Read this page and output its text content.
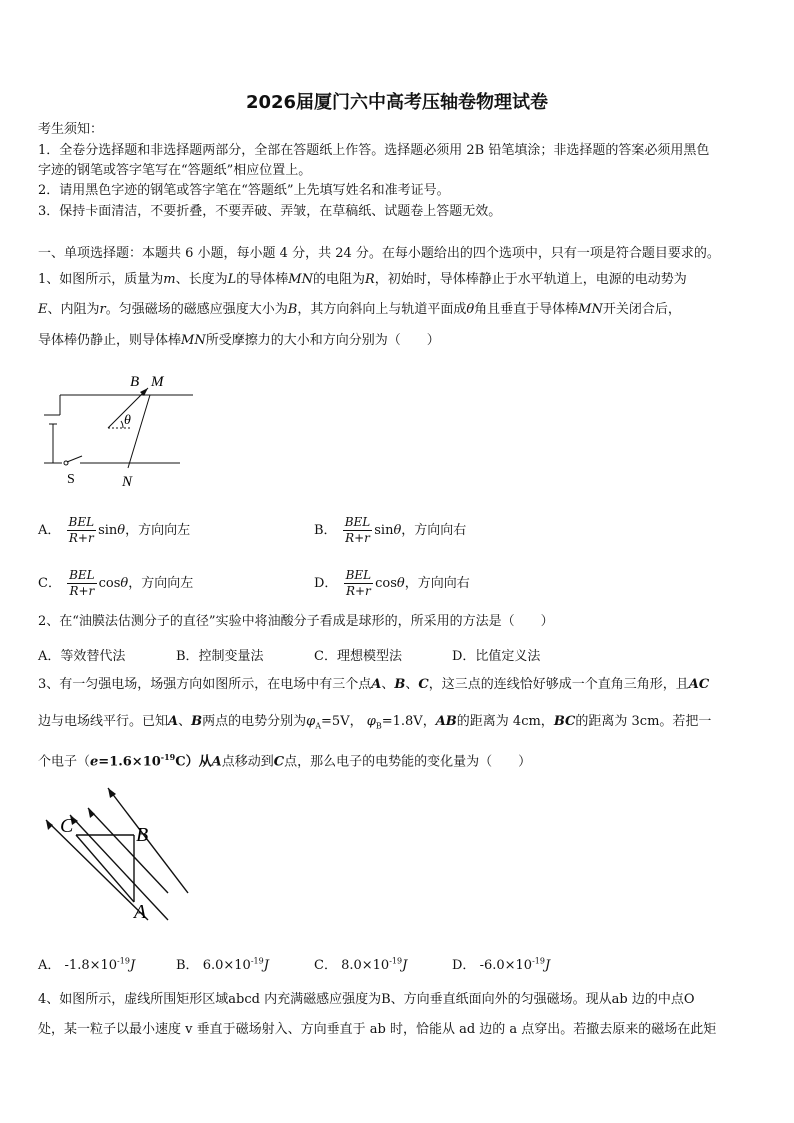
2026届厦门六中高考压轴卷物理试卷
考生须知：
1．全卷分选择题和非选择题两部分，全部在答题纸上作答。选择题必须用 2B 铅笔填涂；非选择题的答案必须用黑色
字迹的钢笔或答字笔写在“答题纸”相应位置上。
2．请用黑色字迹的钢笔或答字笔在“答题纸”上先填写姓名和准考证号。
3．保持卡面清洁，不要折叠，不要弄破、弄皱，在草稿纸、试题卷上答题无效。
一、单项选择题：本题共 6 小题，每小题 4 分，共 24 分。在每小题给出的四个选项中，只有一项是符合题目要求的。
1、如图所示，质量为m、长度为L的导体棒MN的电阻为R，初始时，导体棒静止于水平轨道上，电源的电动势为
E、内阻为r。匀强磁场的磁感应强度大小为B，其方向斜向上与轨道平面成θ角且垂直于导体棒MN开关闭合后，
导体棒仍静止，则导体棒MN所受摩擦力的大小和方向分别为（　　）
B M
θ
S	N
A． $\frac{\text{BEL}}{R+r}$ sinθ，方向向左	B． $\frac{\text{BEL}}{R+r}$ sinθ，方向向右
C． $\frac{\text{BEL}}{R+r}$ cosθ，方向向左	D． $\frac{\text{BEL}}{R+r}$ cosθ，方向向右
2、在“油膜法估测分子的直径”实验中将油酸分子看成是球形的，所采用的方法是（　　）
A．等效替代法	B．控制变量法	C．理想模型法	D．比值定义法
3、有一匀强电场，场强方向如图所示，在电场中有三个点A、B、C，这三点的连线恰好够成一个直角三角形，且AC
边与电场线平行。已知A、B两点的电势分别为$\varphi_A=5V$， $\varphi_B=1.8V$，AB的距离为 4cm，BC的距离为 3cm。若把一
个电子$(e=1.6\times 10^{-19}C)$从A点移动到C点，那么电子的电势能的变化量为（　　）
C	B
A
A． $-1.8\times 10^{-19}J$	B． $6.0\times 10^{-19}J$	C． $8.0\times 10^{-19}J$	D． $-6.0\times 10^{-19}J$
4、如图所示，虚线所围矩形区域abcd 内充满磁感应强度为B、方向垂直纸面向外的匀强磁场。现从ab 边的中点O
处，某一粒子以最小速度 v 垂直于磁场射入、方向垂直于 ab 时，恰能从 ad 边的 a 点穿出。若撤去原来的磁场在此矩
